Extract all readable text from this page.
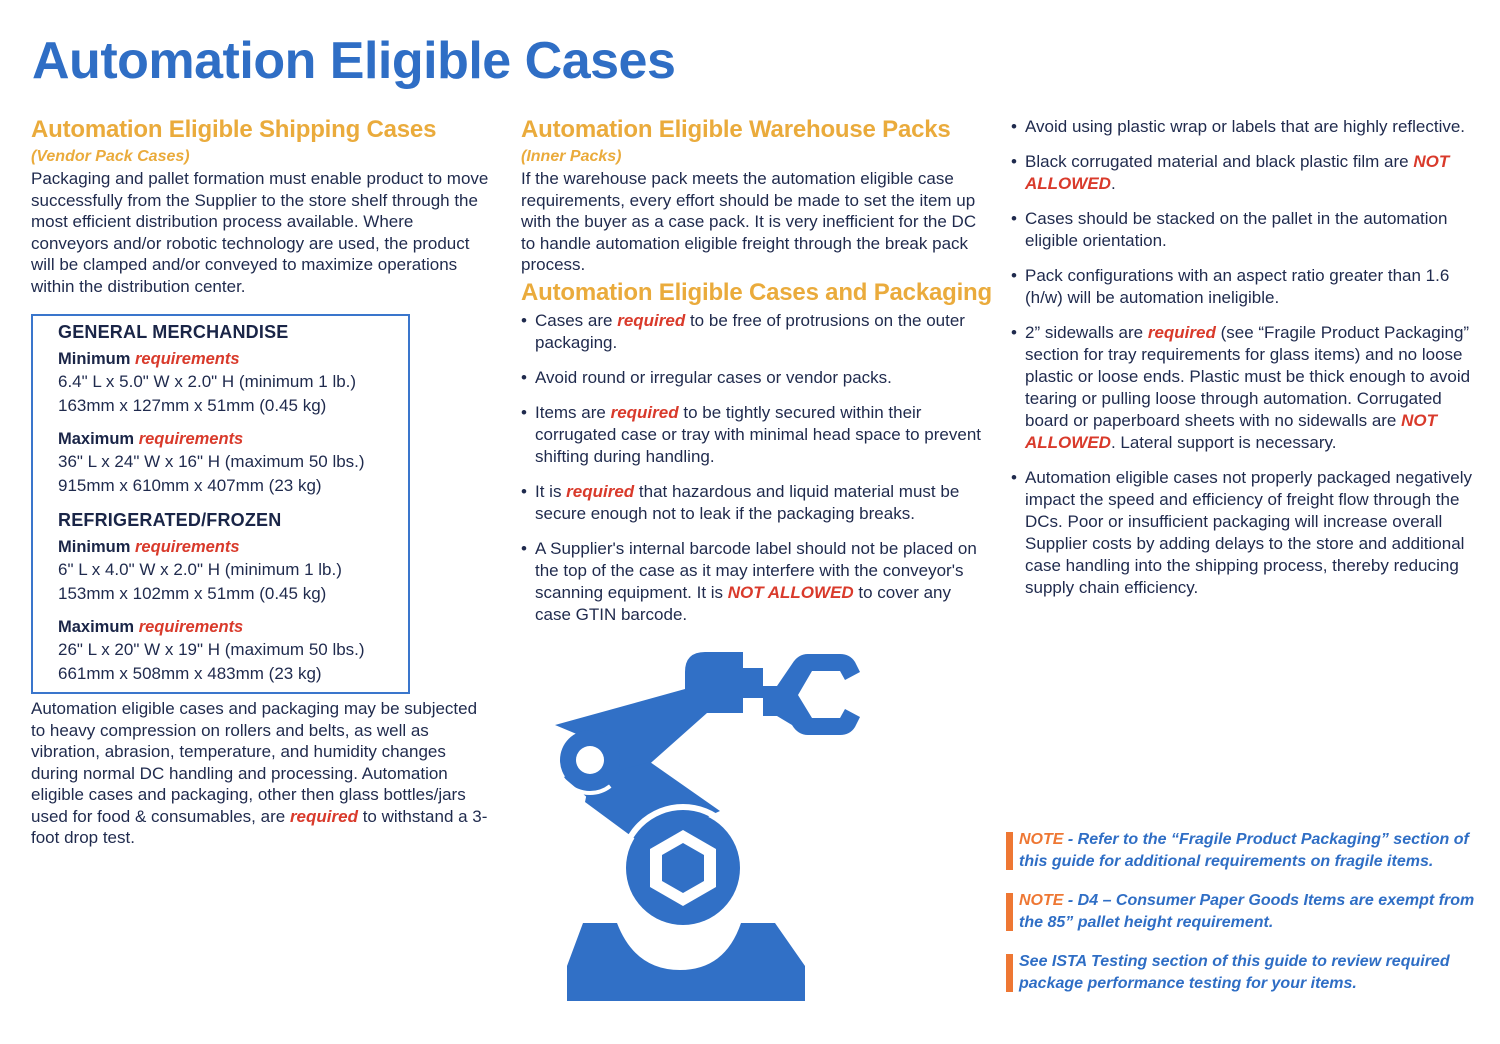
Automation Eligible Cases
Automation Eligible Shipping Cases

(Vendor Pack Cases)

Packaging and pallet formation must enable product to move successfully from the Supplier to the store shelf through the most efficient distribution process available. Where conveyors and/or robotic technology are used, the product will be clamped and/or conveyed to maximize operations within the distribution center.

GENERAL MERCHANDISE

Minimum requirements

6.4" L x 5.0" W x 2.0" H (minimum 1 lb.)

163mm x 127mm x 51mm (0.45 kg)

Maximum requirements

36" L x 24" W x 16" H (maximum 50 lbs.)

915mm x 610mm x 407mm (23 kg)

REFRIGERATED/FROZEN

Minimum requirements

6" L x 4.0" W x 2.0" H (minimum 1 lb.)

153mm x 102mm x 51mm (0.45 kg)

Maximum requirements

26" L x 20" W x 19" H (maximum 50 lbs.)

661mm x 508mm x 483mm (23 kg)

Automation eligible cases and packaging may be subjected to heavy compression on rollers and belts, as well as vibration, abrasion, temperature, and humidity changes during normal DC handling and processing. Automation eligible cases and packaging, other then glass bottles/jars used for food & consumables, are required to withstand a 3-foot drop test.

Automation Eligible Warehouse Packs

(Inner Packs)

If the warehouse pack meets the automation eligible case requirements, every effort should be made to set the item up with the buyer as a case pack. It is very inefficient for the DC to handle automation eligible freight through the break pack process.

Automation Eligible Cases and Packaging
• Cases are required to be free of protrusions on the outer packaging.
• Avoid round or irregular cases or vendor packs.
• Items are required to be tightly secured within their corrugated case or tray with minimal head space to prevent shifting during handling.
• It is required that hazardous and liquid material must be secure enough not to leak if the packaging breaks.
• A Supplier's internal barcode label should not be placed on the top of the case as it may interfere with the conveyor's scanning equipment. It is NOT ALLOWED to cover any case GTIN barcode.
• Avoid using plastic wrap or labels that are highly reflective.
• Black corrugated material and black plastic film are NOT ALLOWED.
• Cases should be stacked on the pallet in the automation eligible orientation.
• Pack configurations with an aspect ratio greater than 1.6 (h/w) will be automation ineligible.
• 2” sidewalls are required (see “Fragile Product Packaging” section for tray requirements for glass items) and no loose plastic or loose ends. Plastic must be thick enough to avoid tearing or pulling loose through automation. Corrugated board or paperboard sheets with no sidewalls are NOT ALLOWED. Lateral support is necessary.
• Automation eligible cases not properly packaged negatively impact the speed and efficiency of freight flow through the DCs. Poor or insufficient packaging will increase overall Supplier costs by adding delays to the store and additional case handling into the shipping process, thereby reducing supply chain efficiency.
NOTE - Refer to the “Fragile Product Packaging” section of this guide for additional requirements on fragile items.
NOTE - D4 – Consumer Paper Goods Items are exempt from the 85” pallet height requirement.
See ISTA Testing section of this guide to review required package performance testing for your items.
